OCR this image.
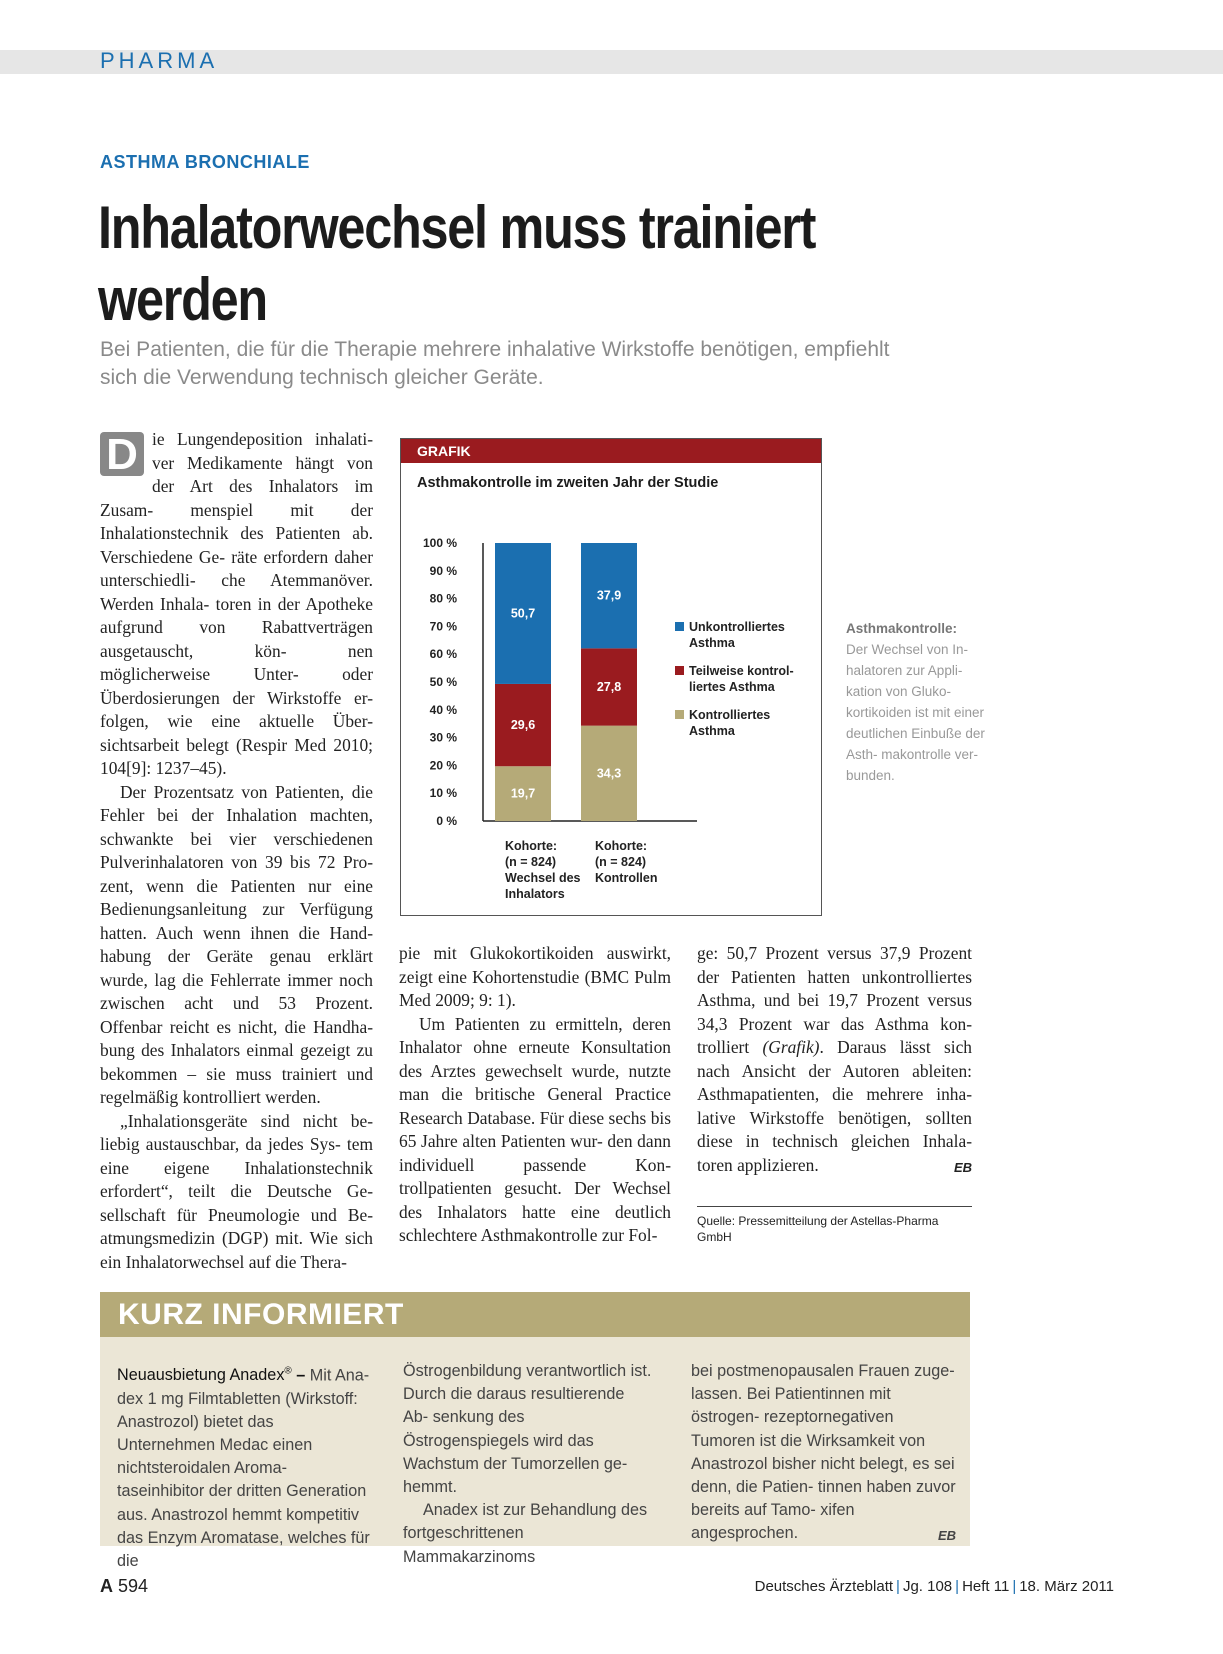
PHARMA
ASTHMA BRONCHIALE
Inhalatorwechsel muss trainiert
werden
Bei Patienten, die für die Therapie mehrere inhalative Wirkstoffe benötigen, empfiehlt sich die Verwendung technisch gleicher Geräte.

D ie Lungendeposition inhalati- ver Medikamente hängt von der Art des Inhalators im Zusam- menspiel mit der Inhalationstechnik des Patienten ab. Verschiedene Ge- räte erfordern daher unterschiedli- che Atemmanöver. Werden Inhala- toren in der Apotheke aufgrund von Rabattverträgen ausgetauscht, kön- nen möglicherweise Unter- oder Überdosierungen der Wirkstoffe er- folgen, wie eine aktuelle Über- sichtsarbeit belegt (Respir Med 2010; 104[9]: 1237–45).

Der Prozentsatz von Patienten, die Fehler bei der Inhalation machten, schwankte bei vier verschiedenen Pulverinhalatoren von 39 bis 72 Pro- zent, wenn die Patienten nur eine Bedienungsanleitung zur Verfügung hatten. Auch wenn ihnen die Hand- habung der Geräte genau erklärt wurde, lag die Fehlerrate immer noch zwischen acht und 53 Prozent. Offenbar reicht es nicht, die Handha- bung des Inhalators einmal gezeigt zu bekommen – sie muss trainiert und regelmäßig kontrolliert werden.

„Inhalationsgeräte sind nicht be- liebig austauschbar, da jedes Sys- tem eine eigene Inhalationstechnik erfordert“, teilt die Deutsche Ge- sellschaft für Pneumologie und Be- atmungsmedizin (DGP) mit. Wie sich ein Inhalatorwechsel auf die Thera-

GRAFIK
Asthmakontrolle im zweiten Jahr der Studie
0 %
10 %
20 %
30 %
40 %
50 %
60 %
70 %
80 %
90 %
100 %
19,7
29,6
50,7
34,3
27,8
37,9
Kohorte:
(n = 824)
Wechsel des
Inhalators
Kohorte:
(n = 824)
Kontrollen
Unkontrolliertes
Asthma
Teilweise kontrol-
liertes Asthma
Kontrolliertes
Asthma
Asthmakontrolle:
Der Wechsel von In- halatoren zur Appli- kation von Gluko- kortikoiden ist mit einer deutlichen Einbuße der Asth- makontrolle ver- bunden.

pie mit Glukokortikoiden auswirkt, zeigt eine Kohortenstudie (BMC Pulm Med 2009; 9: 1).

Um Patienten zu ermitteln, deren Inhalator ohne erneute Konsultation des Arztes gewechselt wurde, nutzte man die britische General Practice Research Database. Für diese sechs bis 65 Jahre alten Patienten wur- den dann individuell passende Kon- trollpatienten gesucht. Der Wechsel des Inhalators hatte eine deutlich schlechtere Asthmakontrolle zur Fol-

ge: 50,7 Prozent versus 37,9 Prozent der Patienten hatten unkontrolliertes Asthma, und bei 19,7 Prozent versus 34,3 Prozent war das Asthma kon- trolliert (Grafik). Daraus lässt sich nach Ansicht der Autoren ableiten: Asthmapatienten, die mehrere inha- lative Wirkstoffe benötigen, sollten diese in technisch gleichen Inhala- toren applizieren.	EB
Quelle: Pressemitteilung der Astellas-Pharma GmbH
KURZ INFORMIERT

Neuausbietung Anadex® – Mit Ana- dex 1 mg Filmtabletten (Wirkstoff: Anastrozol) bietet das Unternehmen Medac einen nichtsteroidalen Aroma- taseinhibitor der dritten Generation aus. Anastrozol hemmt kompetitiv das Enzym Aromatase, welches für die

Östrogenbildung verantwortlich ist. Durch die daraus resultierende Ab- senkung des Östrogenspiegels wird das Wachstum der Tumorzellen ge- hemmt.

Anadex ist zur Behandlung des fortgeschrittenen Mammakarzinoms

bei postmenopausalen Frauen zuge- lassen. Bei Patientinnen mit östrogen- rezeptornegativen Tumoren ist die Wirksamkeit von Anastrozol bisher nicht belegt, es sei denn, die Patien- tinnen haben zuvor bereits auf Tamo- xifen angesprochen.	EB
A 594	Deutsches Ärzteblatt | Jg. 108 | Heft 11 | 18. März 2011
